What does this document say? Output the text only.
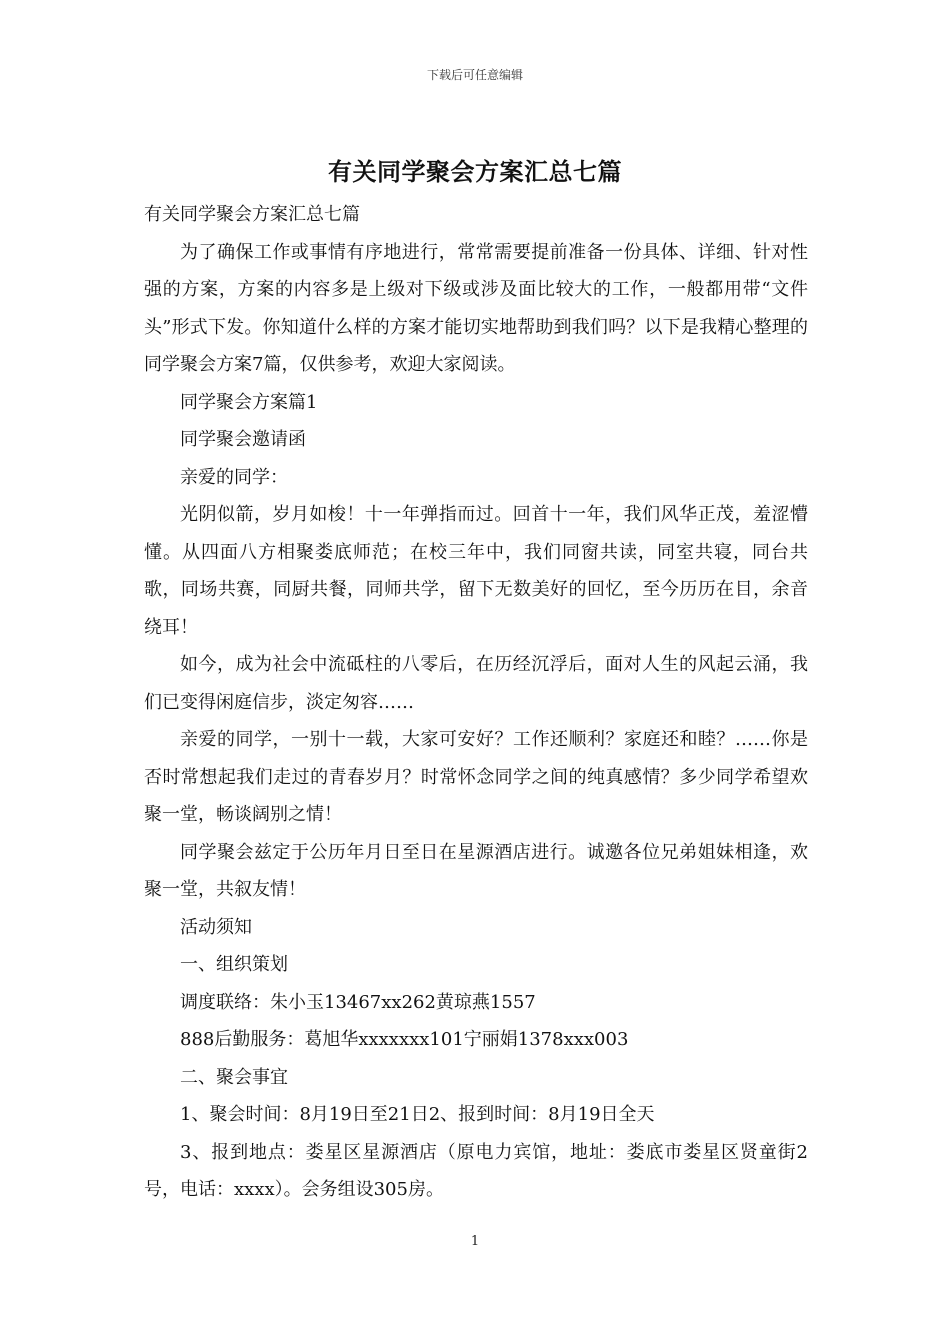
下载后可任意编辑
有关同学聚会方案汇总七篇

有关同学聚会方案汇总七篇

为了确保工作或事情有序地进行，常常需要提前准备一份具体、详细、针对性强的方案，方案的内容多是上级对下级或涉及面比较大的工作，一般都用带“文件头”形式下发。你知道什么样的方案才能切实地帮助到我们吗？以下是我精心整理的同学聚会方案7篇，仅供参考，欢迎大家阅读。

同学聚会方案篇1

同学聚会邀请函

亲爱的同学：

光阴似箭，岁月如梭！十一年弹指而过。回首十一年，我们风华正茂，羞涩懵懂。从四面八方相聚娄底师范；在校三年中，我们同窗共读，同室共寝，同台共歌，同场共赛，同厨共餐，同师共学，留下无数美好的回忆，至今历历在目，余音绕耳！

如今，成为社会中流砥柱的八零后，在历经沉浮后，面对人生的风起云涌，我们已变得闲庭信步，淡定匆容……

亲爱的同学，一别十一载，大家可安好？工作还顺利？家庭还和睦？……你是否时常想起我们走过的青春岁月？时常怀念同学之间的纯真感情？多少同学希望欢聚一堂，畅谈阔别之情！

同学聚会兹定于公历年月日至日在星源酒店进行。诚邀各位兄弟姐妹相逢，欢聚一堂，共叙友情！

活动须知

一、组织策划

调度联络：朱小玉13467xx262黄琼燕1557

888后勤服务：葛旭华xxxxxxx101宁丽娟1378xxx003

二、聚会事宜

1、聚会时间：8月19日至21日2、报到时间：8月19日全天

3、报到地点：娄星区星源酒店（原电力宾馆，地址：娄底市娄星区贤童街2号，电话：xxxx）。会务组设305房。

1
